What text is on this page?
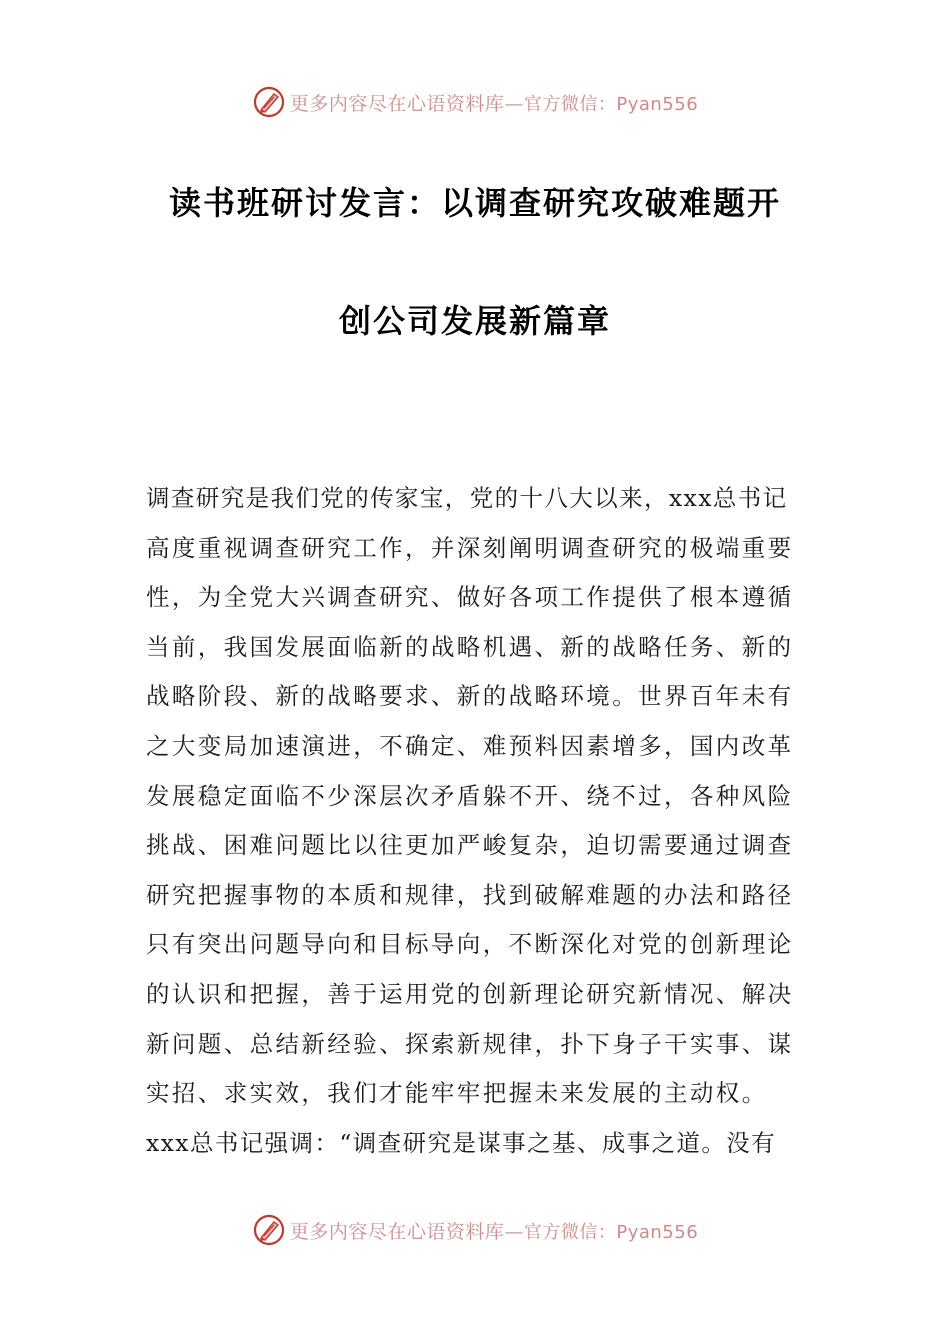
更多内容尽在心语资料库—官方微信：Pyan556
读书班研讨发言：以调查研究攻破难题开
创公司发展新篇章
调查研究是我们党的传家宝，党的十八大以来，xxx总书记
高度重视调查研究工作，并深刻阐明调查研究的极端重要
性，为全党大兴调查研究、做好各项工作提供了根本遵循
当前，我国发展面临新的战略机遇、新的战略任务、新的
战略阶段、新的战略要求、新的战略环境。世界百年未有
之大变局加速演进，不确定、难预料因素增多，国内改革
发展稳定面临不少深层次矛盾躲不开、绕不过，各种风险
挑战、困难问题比以往更加严峻复杂，迫切需要通过调查
研究把握事物的本质和规律，找到破解难题的办法和路径
只有突出问题导向和目标导向，不断深化对党的创新理论
的认识和把握，善于运用党的创新理论研究新情况、解决
新问题、总结新经验、探索新规律，扑下身子干实事、谋
实招、求实效，我们才能牢牢把握未来发展的主动权。
xxx总书记强调：“调查研究是谋事之基、成事之道。没有
更多内容尽在心语资料库—官方微信：Pyan556
